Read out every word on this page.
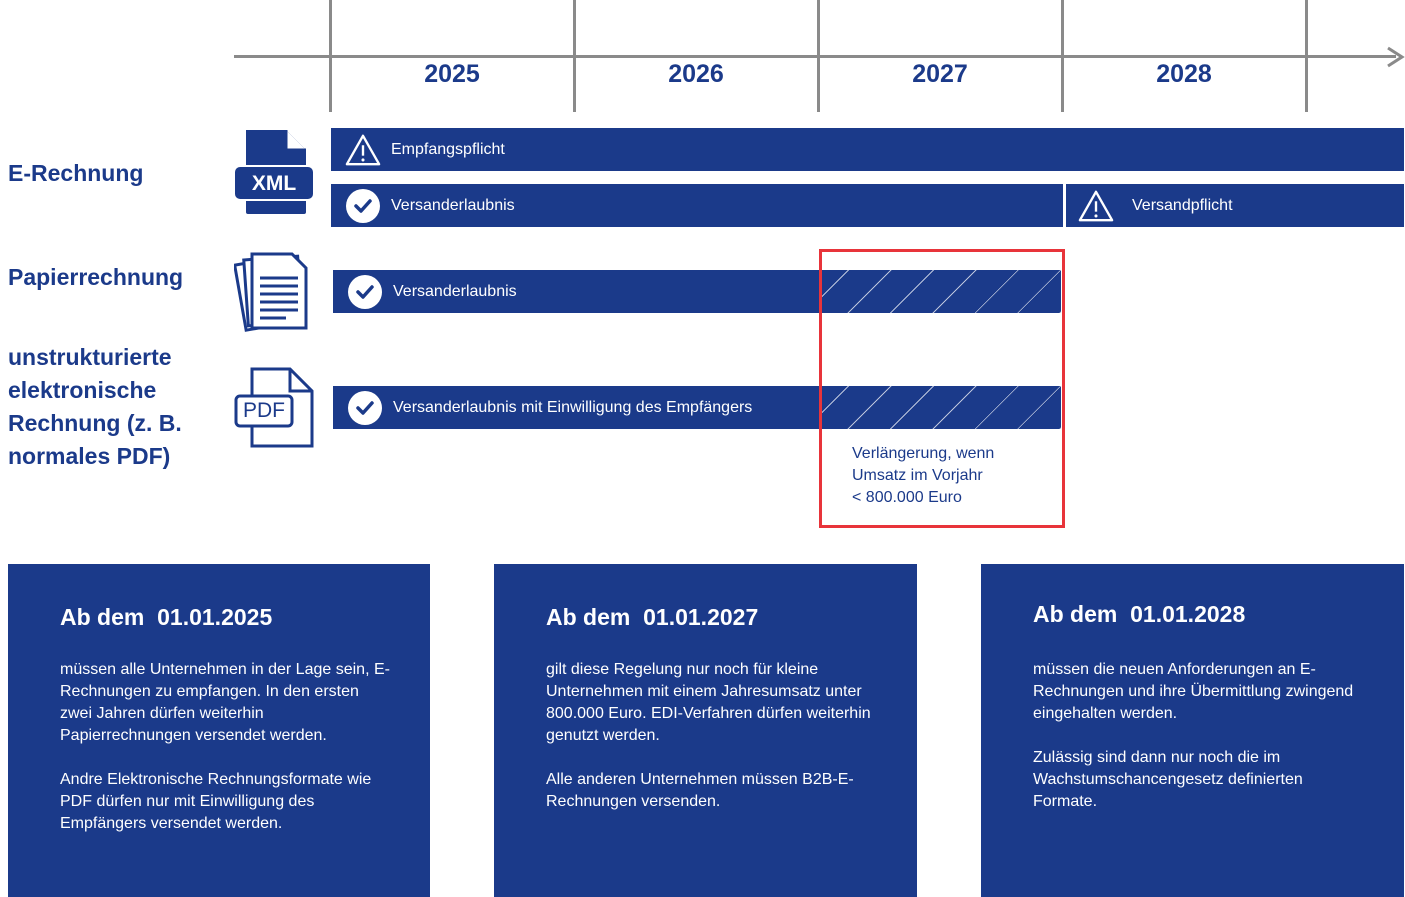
2025	2026	2027	2028
E-Rechnung
Papierrechnung
unstrukturierte
elektronische
Rechnung (z. B.
normales PDF)
XML
PDF
Empfangspflicht
Versanderlaubnis	Versandpflicht
Versanderlaubnis
Versanderlaubnis mit Einwilligung des Empfängers
Verlängerung, wenn
Umsatz im Vorjahr
< 800.000 Euro
Ab dem  01.01.2025

müssen alle Unternehmen in der Lage sein, E-Rechnungen zu empfangen. In den ersten zwei Jahren dürfen weiterhin Papierrechnungen versendet werden.

Andre Elektronische Rechnungsformate wie PDF dürfen nur mit Einwilligung des Empfängers versendet werden.

Ab dem  01.01.2027

gilt diese Regelung nur noch für kleine Unternehmen mit einem Jahresumsatz unter 800.000 Euro. EDI-Verfahren dürfen weiterhin genutzt werden.

Alle anderen Unternehmen müssen B2B-E-Rechnungen versenden.

Ab dem  01.01.2028

müssen die neuen Anforderungen an E-Rechnungen und ihre Übermittlung zwingend eingehalten werden.

Zulässig sind dann nur noch die im Wachstumschancengesetz definierten Formate.
